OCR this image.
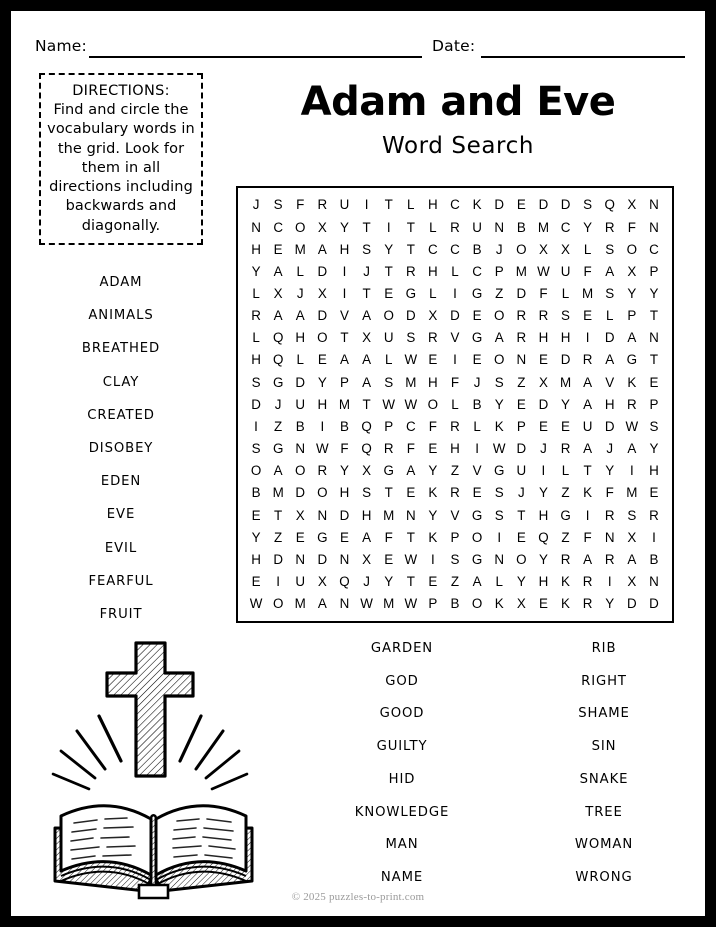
Name:	Date:
DIRECTIONS:
Find and circle the vocabulary words in the grid. Look for them in all directions including backwards and diagonally.
Adam and Eve
Word Search
ADAM
ANIMALS
BREATHED
CLAY
CREATED
DISOBEY
EDEN
EVE
EVIL
FEARFUL
FRUIT
J	S	F R U	I	T	L	H C K D E D D S Q X N
N C O X Y	T	I	T	L	R U N B M C Y R F N
H E M A H S Y	T C C B	J	O X X	L	S O C
Y A	L	D	I	J	T R H	L	C P M W U F	A X P
L	X	J	X	I	T	E G L	I	G Z D F	L M S Y Y
R A A D V A O D X D E O R R S E	L	P	T
L Q H O T	X U S R V G A R H H	I	D A N
H Q L	E A A	L W E	I	E O N E D R A G T
S G D Y P A S M H F	J	S	Z	X M A V K E
D	J	U H M T W W O L	B Y E D Y A H R P
I	Z	B	I	B Q P C F R	L	K P E E U D W S
S G N W F Q R F	E H	I	W D	J	R A	J	A Y
O A O R Y X G A Y	Z	V G U	I	L	T	Y	I	H
B M D O H S	T	E K R E S	J	Y	Z	K	F M E
E	T	X N D H M N Y V G S	T H G	I	R S R
Y	Z	E G E A	F	T	K P O	I	E Q Z	F N X	I
H D N D N X E W	I	S G N O Y R A R A B
E	I	U X Q	J	Y	T	E	Z	A	L	Y H K R	I	X N
W O M A N W M W P B O K X E K R Y D D
GARDEN
GOD
GOOD
GUILTY
HID
KNOWLEDGE
MAN
NAME
RIB
RIGHT
SHAME
SIN
SNAKE
TREE
WOMAN
WRONG
© 2025 puzzles-to-print.com
